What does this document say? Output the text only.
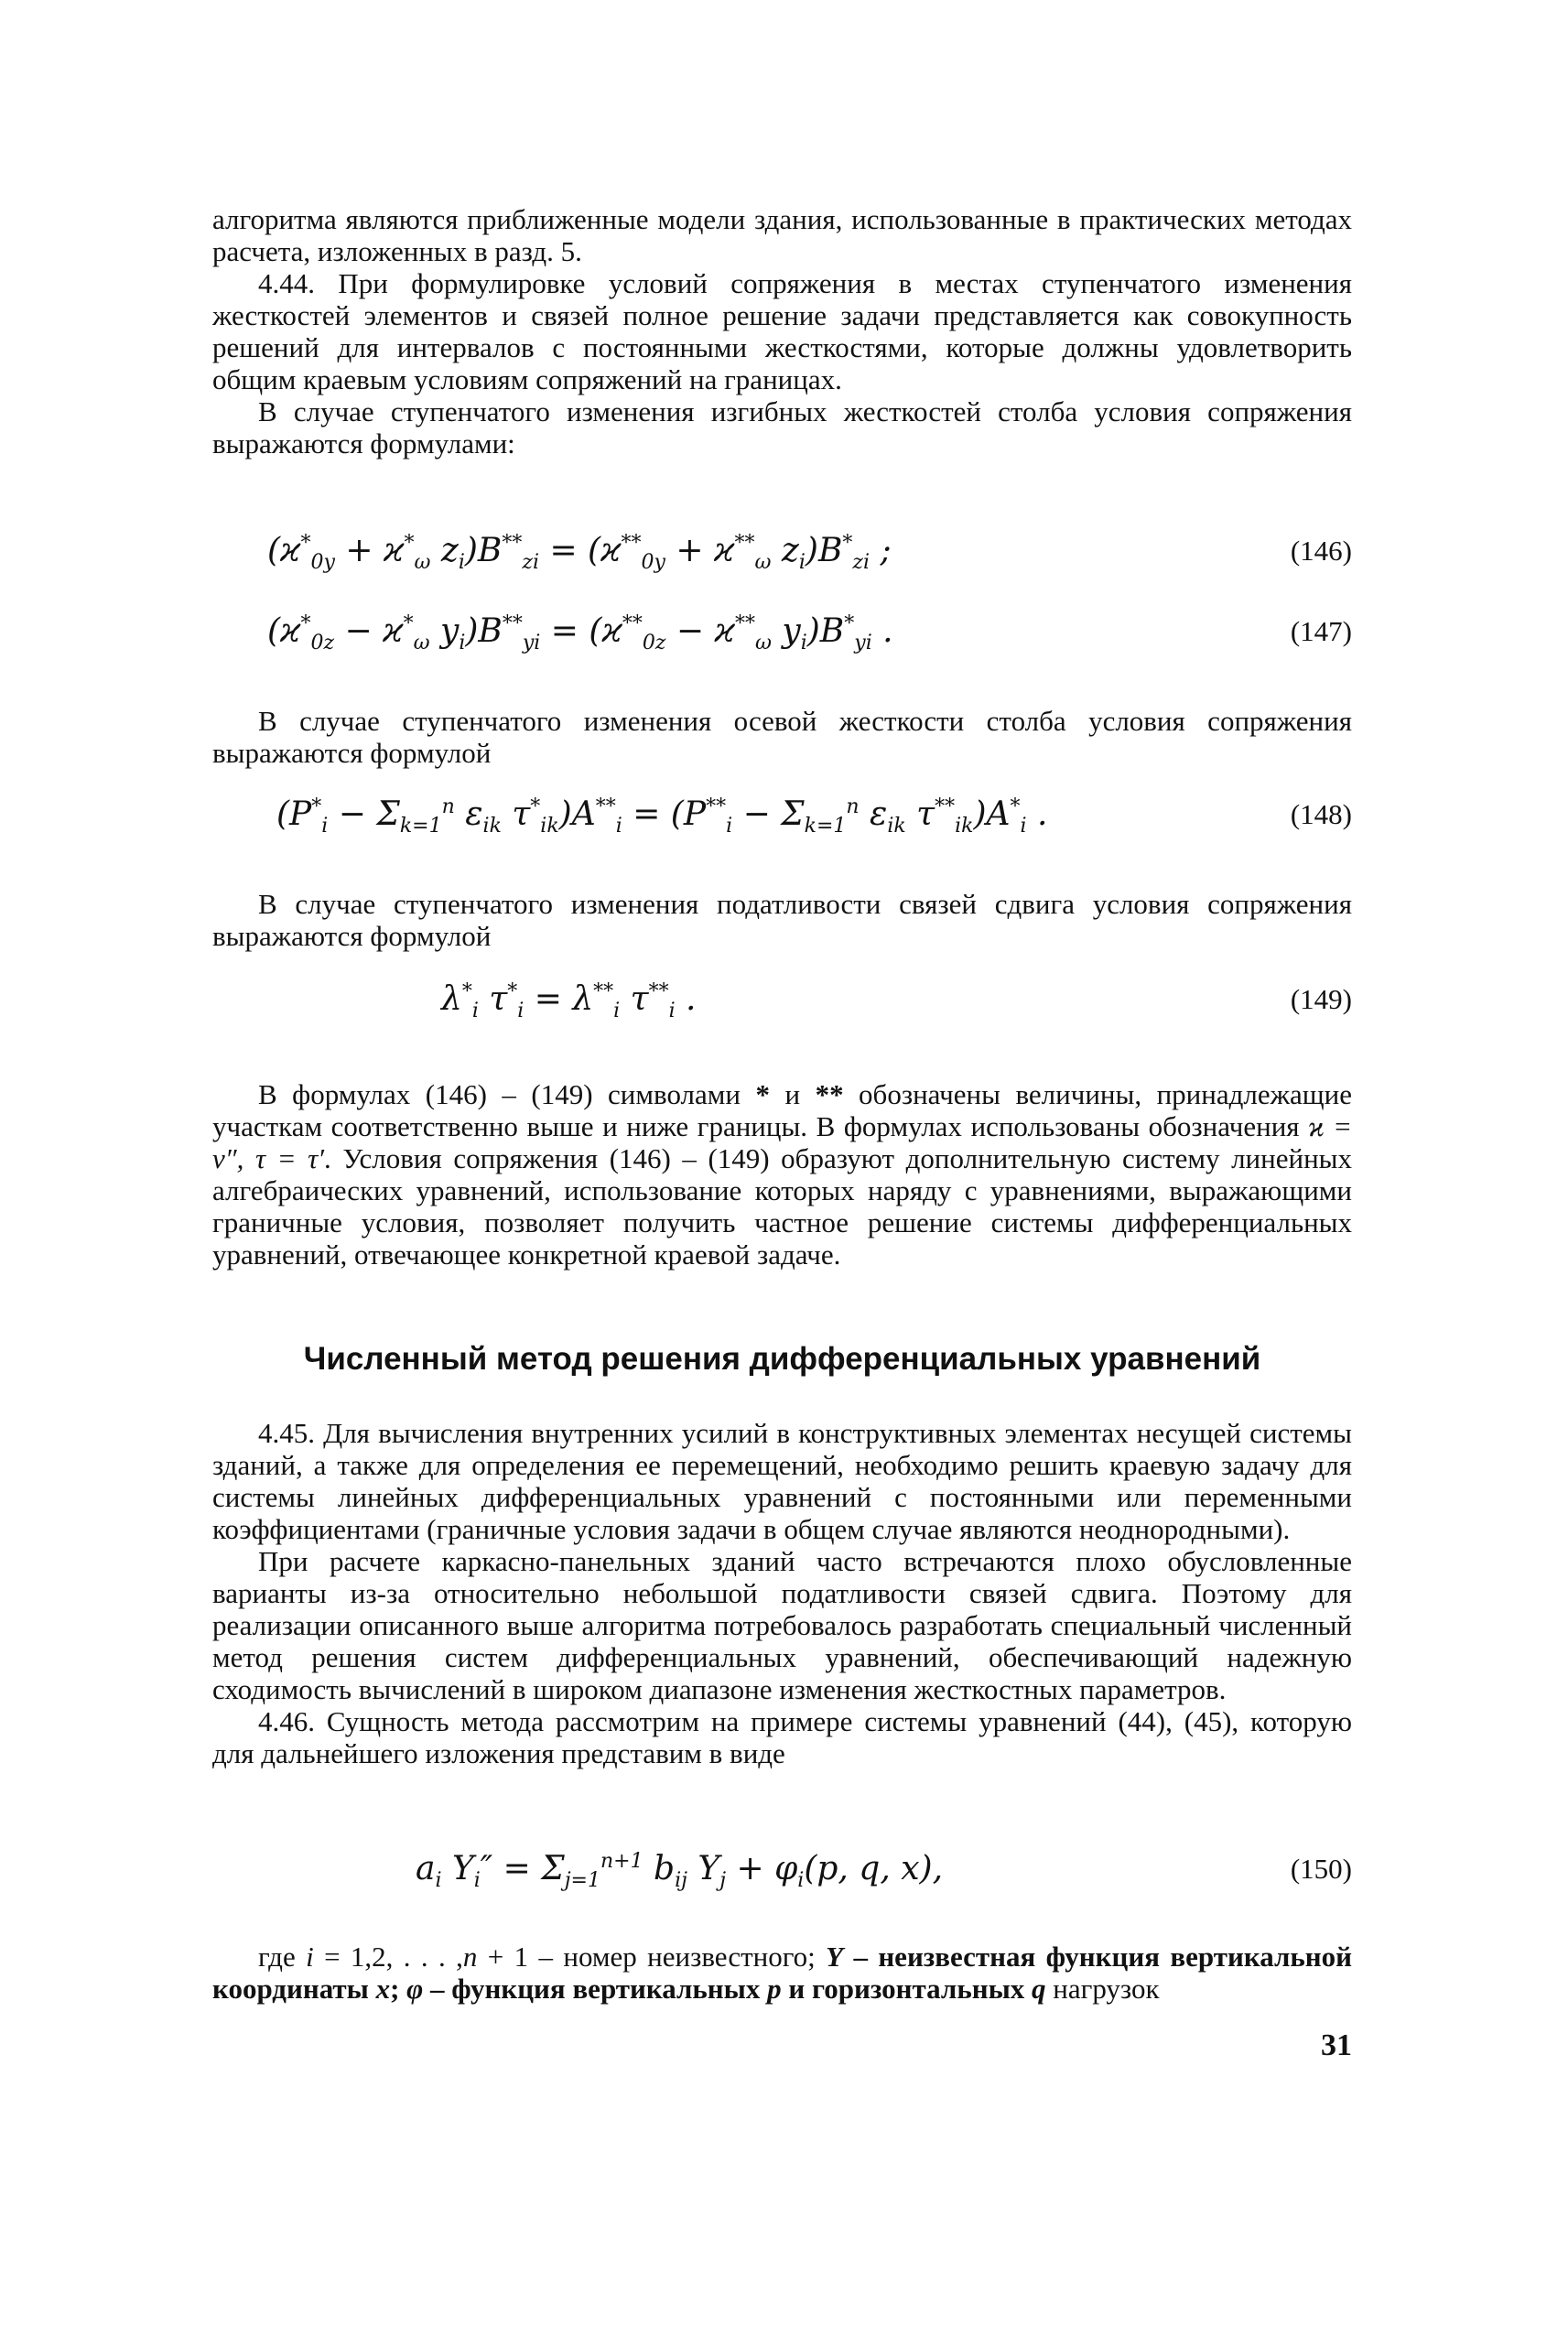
алгоритма являются приближенные модели здания, использованные в практических методах расчета, изложенных в разд. 5.

4.44. При формулировке условий сопряжения в местах ступенчатого изменения жесткостей элементов и связей полное решение задачи представляется как совокупность решений для интервалов с постоянными жесткостями, которые должны удовлетворить общим краевым условиям сопряжений на границах.

В случае ступенчатого изменения изгибных жесткостей столба условия сопряжения выражаются формулами:

($ϰ^*_{0y} + ϰ^*_\omega$ $z_i)B^{**}_{zi} = (ϰ^{**}_{0y} + ϰ^{**}_\omega$ $z_i)B^*_{zi}$ ;	(146)
($ϰ^*_{0z} - ϰ^*_\omega$ $y_i)B^{**}_{yi} = (ϰ^{**}_{0z} - ϰ^{**}_\omega$ $y_i)B^*_{yi}$ .	(147)

В случае ступенчатого изменения осевой жесткости столба условия сопряжения выражаются формулой

($P^*_i - \Sigma_{k=1}^n$ $\varepsilon_{ik}$ $\tau^*_{ik})A^{**}_i = (P^{**}_i - \Sigma_{k=1}^n$ $\varepsilon_{ik}$ $\tau^{**}_{ik})A^*_i$ .	(148)

В случае ступенчатого изменения податливости связей сдвига условия сопряжения выражаются формулой

$\lambda^*_i$ $\tau^*_i = \lambda^{**}_i$ $\tau^{**}_i$ .	(149)

В формулах (146) – (149) символами * и ** обозначены величины, принадлежащие участкам соответственно выше и ниже границы. В формулах использованы обозначения ϰ = v″, τ = τ′. Условия сопряжения (146) – (149) образуют дополнительную систему линейных алгебраических уравнений, использование которых наряду с уравнениями, выражающими граничные условия, позволяет получить частное решение системы дифференциальных уравнений, отвечающее конкретной краевой задаче.

Численный метод решения дифференциальных уравнений

4.45. Для вычисления внутренних усилий в конструктивных элементах несущей системы зданий, а также для определения ее перемещений, необходимо решить краевую задачу для системы линейных дифференциальных уравнений с постоянными или переменными коэффициентами (граничные условия задачи в общем случае являются неоднородными).

При расчете каркасно-панельных зданий часто встречаются плохо обусловленные варианты из-за относительно небольшой податливости связей сдвига. Поэтому для реализации описанного выше алгоритма потребовалось разработать специальный численный метод решения систем дифференциальных уравнений, обеспечивающий надежную сходимость вычислений в широком диапазоне изменения жесткостных параметров.

4.46. Сущность метода рассмотрим на примере системы уравнений (44), (45), которую для дальнейшего изложения представим в виде

$a_i$ $Y_i'' = \Sigma_{j=1}^{n+1}$ $b_{ij}$ $Y_j + \varphi_i(p$, q, x),	(150)

где i = 1,2, . . . ,n + 1 – номер неизвестного; Y – неизвестная функция вертикальной координаты x; φ – функция вертикальных p и горизонтальных q нагрузок

31
